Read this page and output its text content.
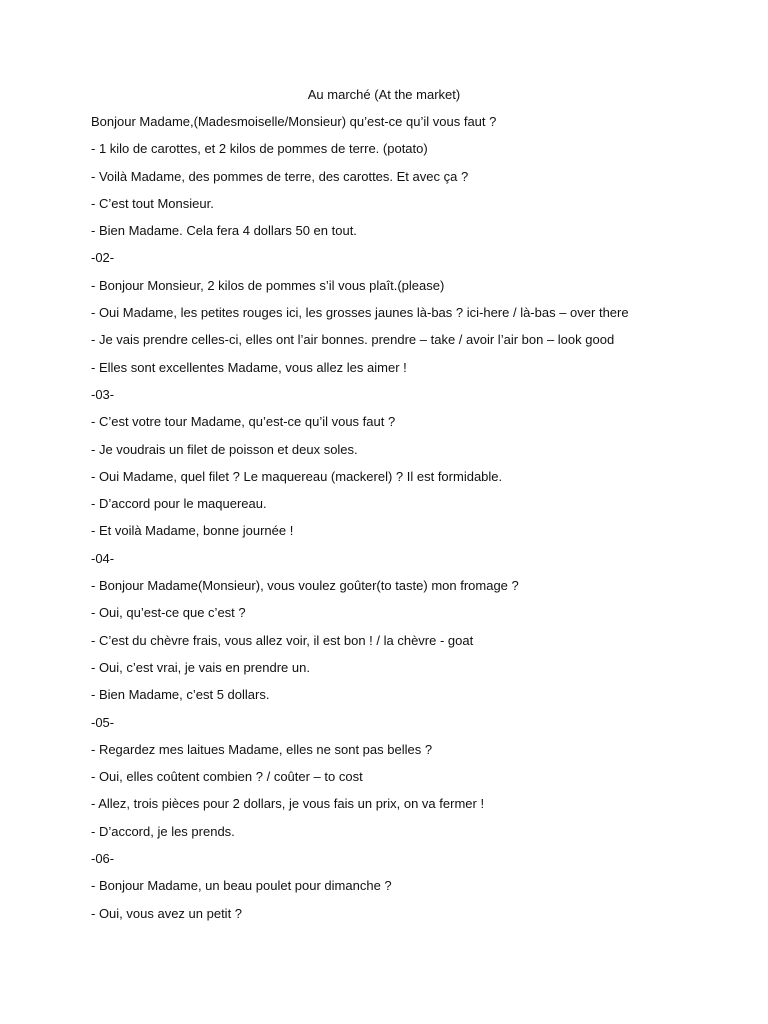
Au marché (At the market)
Bonjour Madame,(Madesmoiselle/Monsieur) qu’est-ce qu’il vous faut ?
- 1 kilo de carottes, et 2 kilos de pommes de terre. (potato)
- Voilà Madame, des pommes de terre, des carottes. Et avec ça ?
- C’est tout Monsieur.
- Bien Madame. Cela fera 4 dollars 50 en tout.
-02-
- Bonjour Monsieur, 2 kilos de pommes s’il vous plaît.(please)
- Oui Madame, les petites rouges ici, les grosses jaunes là-bas ? ici-here / là-bas – over there
- Je vais prendre celles-ci, elles ont l’air bonnes. prendre – take / avoir l’air bon – look good
- Elles sont excellentes Madame, vous allez les aimer !
-03-
- C’est votre tour Madame, qu’est-ce qu’il vous faut ?
- Je voudrais un filet de poisson et deux soles.
- Oui Madame, quel filet ? Le maquereau (mackerel) ? Il est formidable.
- D’accord pour le maquereau.
- Et voilà Madame, bonne journée !
-04-
- Bonjour Madame(Monsieur), vous voulez goûter(to taste) mon fromage ?
- Oui, qu’est-ce que c’est ?
- C’est du chèvre frais, vous allez voir, il est bon ! / la chèvre - goat
- Oui, c’est vrai, je vais en prendre un.
- Bien Madame, c’est 5 dollars.
-05-
- Regardez mes laitues Madame, elles ne sont pas belles ?
- Oui, elles coûtent combien ? / coûter – to cost
- Allez, trois pièces pour 2 dollars, je vous fais un prix, on va fermer !
- D’accord, je les prends.
-06-
- Bonjour Madame, un beau poulet pour dimanche ?
- Oui, vous avez un petit ?
